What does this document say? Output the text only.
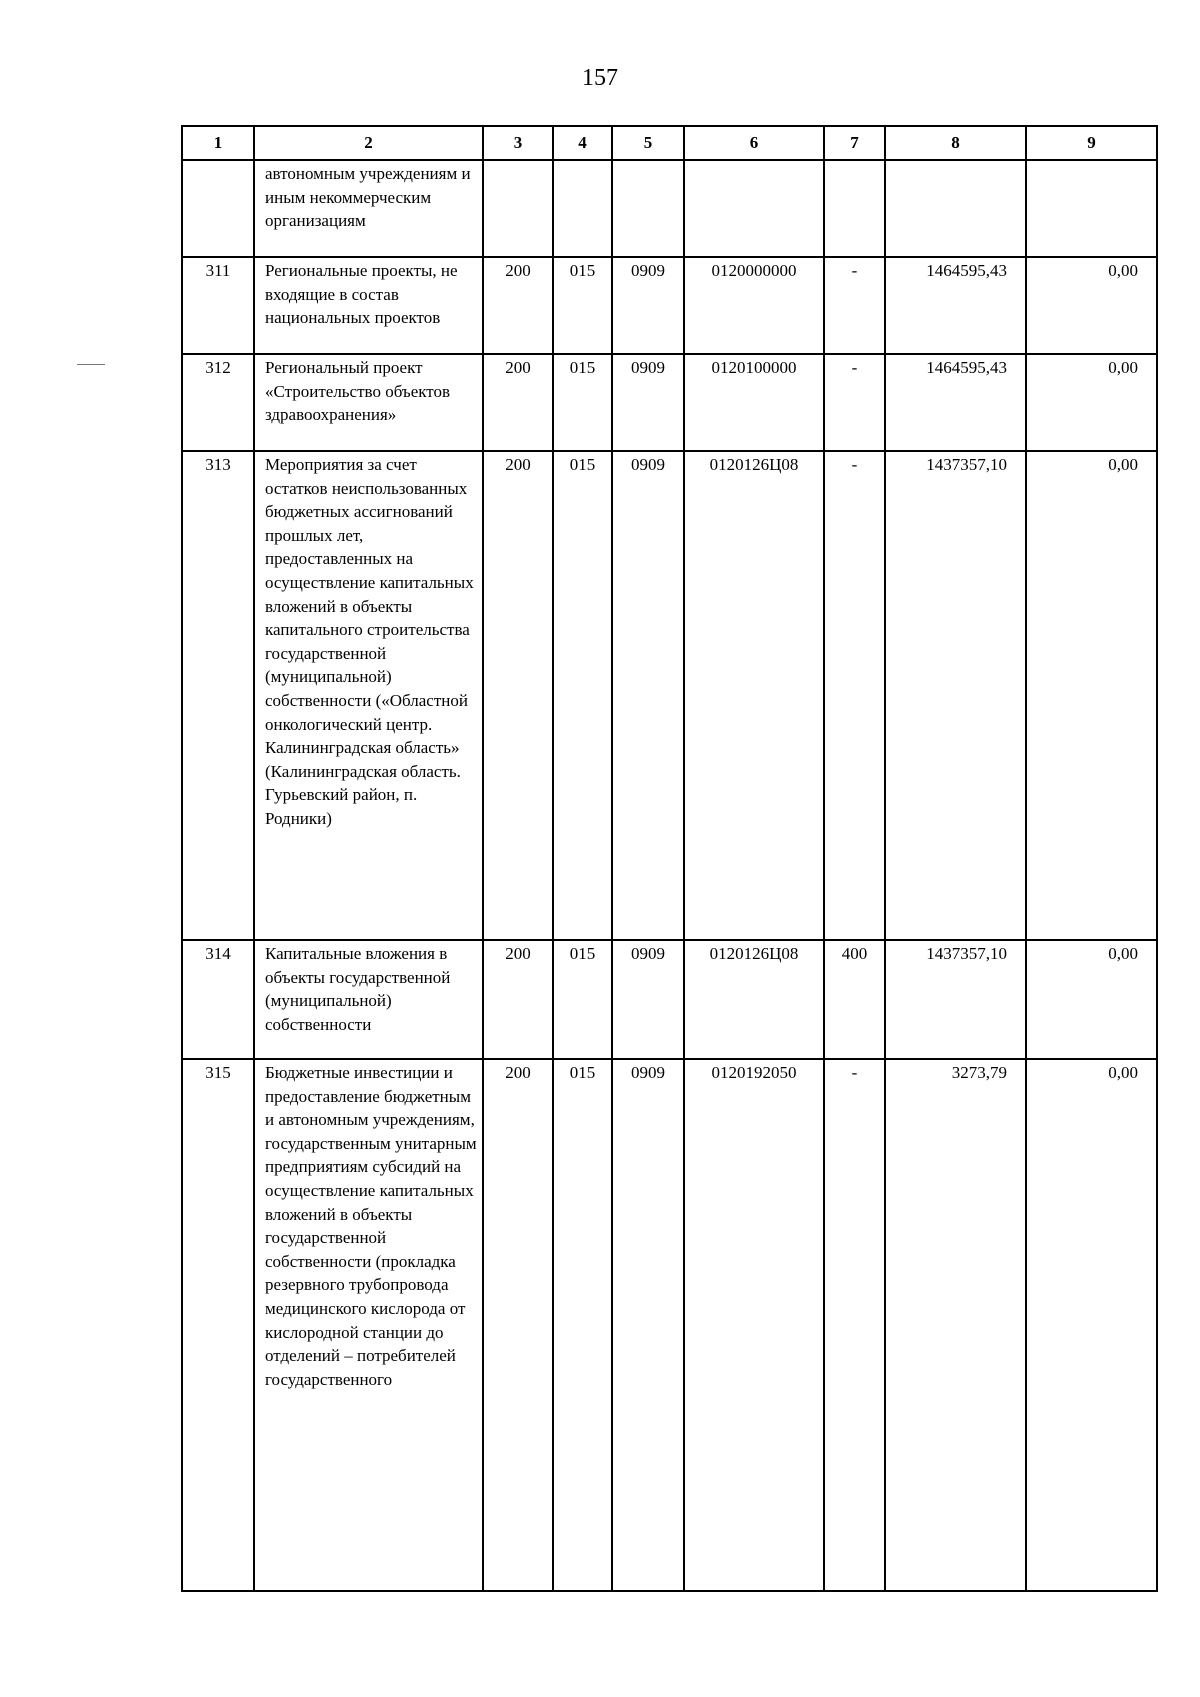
157
1	2	3	4	5	6	7	8	9
	автономным учреждениям и иным некоммерческим организациям							
311	Региональные проекты, не входящие в состав национальных проектов	200	015	0909	0120000000	-	1464595,43	0,00
312	Региональный проект «Строительство объектов здравоохранения»	200	015	0909	0120100000	-	1464595,43	0,00
313	Мероприятия за счет остатков неиспользованных бюджетных ассигнований прошлых лет, предоставленных на осуществление капитальных вложений в объекты капитального строительства государственной (муниципальной) собственности («Областной онкологический центр. Калининградская область» (Калининградская область. Гурьевский район, п. Родники)	200	015	0909	0120126Ц08	-	1437357,10	0,00
314	Капитальные вложения в объекты государственной (муниципальной) собственности	200	015	0909	0120126Ц08	400	1437357,10	0,00
315	Бюджетные инвестиции и предоставление бюджетным и автономным учреждениям, государственным унитарным предприятиям субсидий на осуществление капитальных вложений в объекты государственной собственности (прокладка резервного трубопровода медицинского кислорода от кислородной станции до отделений – потребителей государственного	200	015	0909	0120192050	-	3273,79	0,00
